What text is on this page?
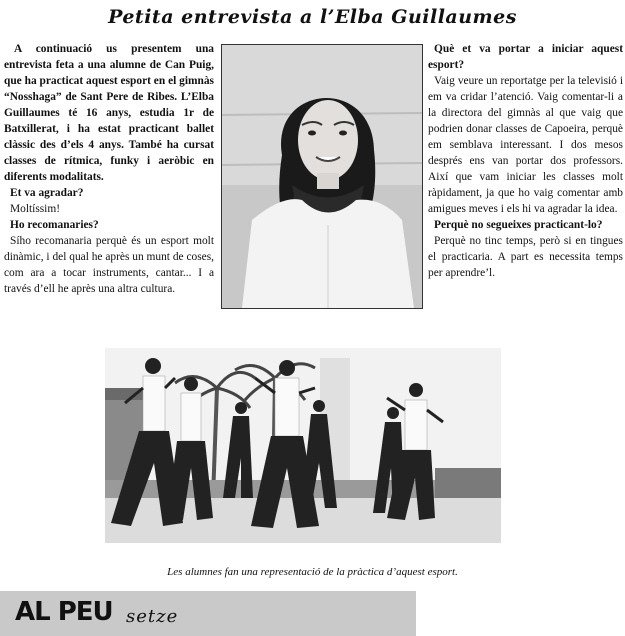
Petita entrevista a l’Elba Guillaumes

A continuació us presentem una entrevista feta a una alumne de Can Puig, que ha practicat aquest esport en el gimnàs “Nosshaga” de Sant Pere de Ribes. L’Elba Guillaumes té 16 anys, estudia 1r de Batxillerat, i ha estat practicant ballet clàssic des d’els 4 anys. També ha cursat classes de rítmica, funky i aeròbic en diferents modalitats.

Et va agradar?

Moltíssim!

Ho recomanaries?

Sího recomanaria perquè és un esport molt dinàmic, i del qual he après un munt de coses, com ara a tocar instruments, cantar... I a través d’ell he après una altra cultura.

Què et va portar a iniciar aquest esport?

Vaig veure un reportatge per la televisió i em va cridar l’atenció. Vaig comentar-li a la directora del gimnàs al que vaig que podrien donar classes de Capoeira, perquè em semblava interessant. I dos mesos després ens van portar dos professors. Així que vam iniciar les classes molt ràpidament, ja que ho vaig comentar amb amigues meves i els hi va agradar la idea.

Perquè no segueixes practicant-lo?

Perquè no tinc temps, però si en tingues el practicaria. A part es necessita temps per aprendre’l.

Les alumnes fan una representació de la pràctica d’aquest esport.
AL PEU setze
